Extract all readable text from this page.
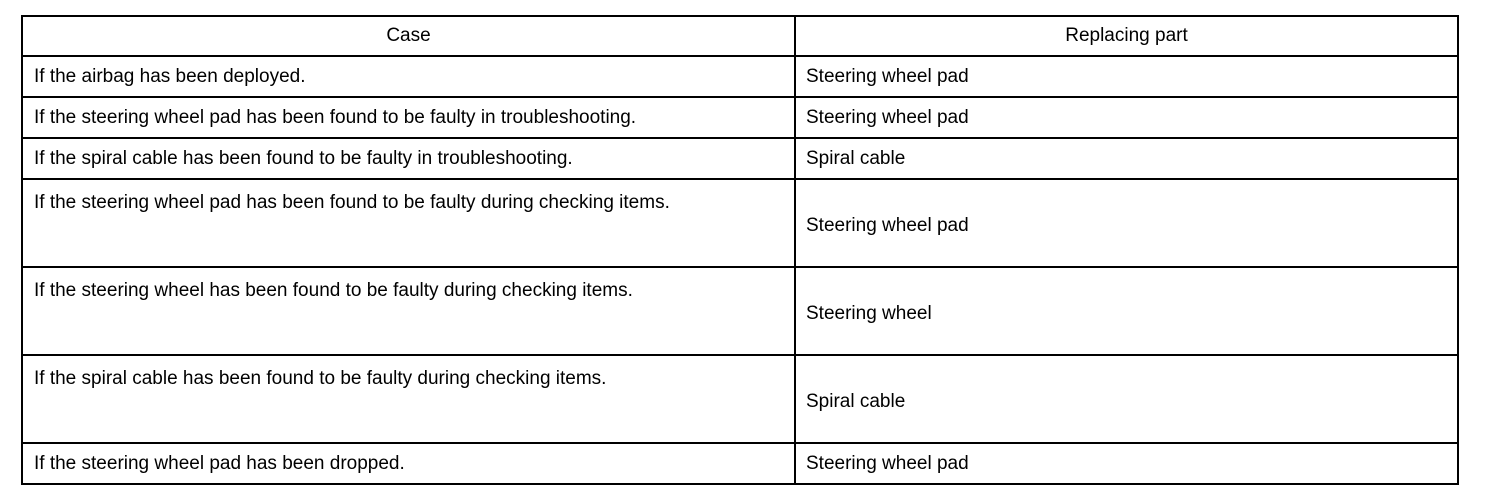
Case	Replacing part
If the airbag has been deployed.	Steering wheel pad
If the steering wheel pad has been found to be faulty in troubleshooting.	Steering wheel pad
If the spiral cable has been found to be faulty in troubleshooting.	Spiral cable
If the steering wheel pad has been found to be faulty during checking items.	Steering wheel pad
If the steering wheel has been found to be faulty during checking items.	Steering wheel
If the spiral cable has been found to be faulty during checking items.	Spiral cable
If the steering wheel pad has been dropped.	Steering wheel pad
